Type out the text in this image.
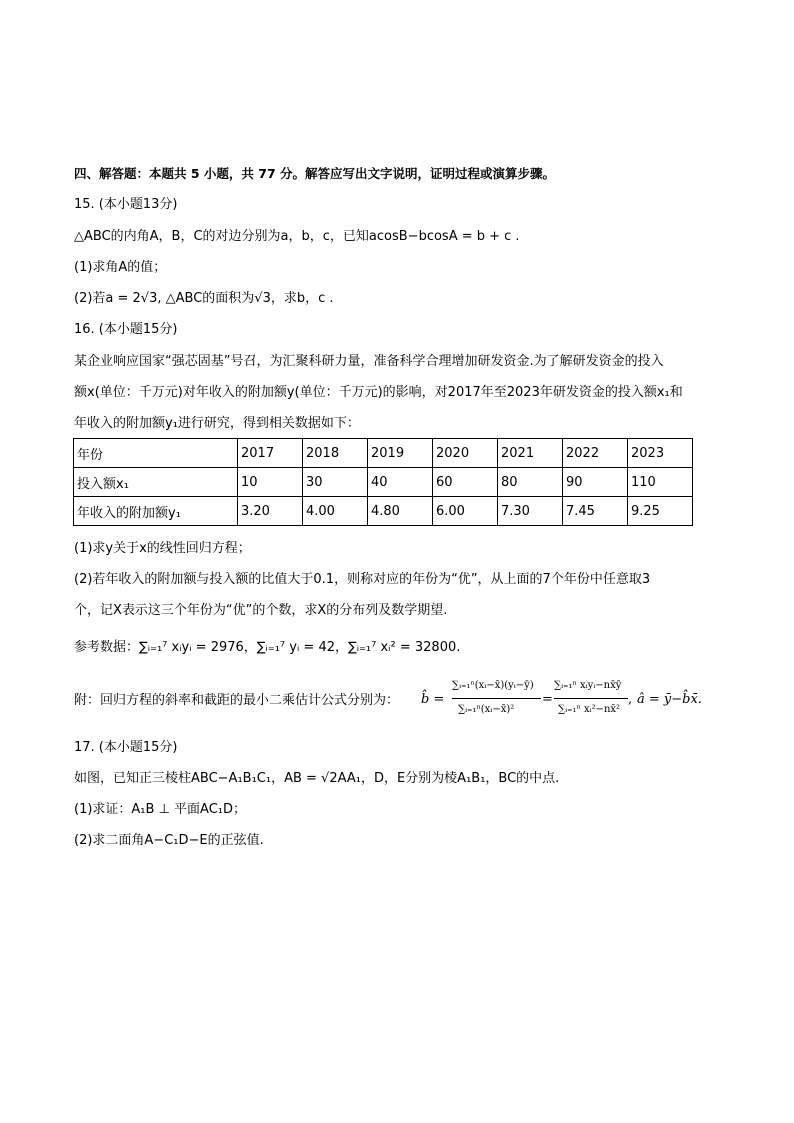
四、解答题：本题共 5 小题，共 77 分。解答应写出文字说明，证明过程或演算步骤。
15. (本小题13分)
△ABC的内角A，B，C的对边分别为a，b，c，已知acosB−bcosA = b + c .
(1)求角A的值；
(2)若a = 2√3, △ABC的面积为√3，求b，c .
16. (本小题15分)
某企业响应国家“强芯固基”号召，为汇聚科研力量，准备科学合理增加研发资金.为了解研发资金的投入
额x(单位：千万元)对年收入的附加额y(单位：千万元)的影响，对2017年至2023年研发资金的投入额x₁和
年收入的附加额y₁进行研究，得到相关数据如下：
年份	2017	2018	2019	2020	2021	2022	2023
投入额x₁	10	30	40	60	80	90	110
年收入的附加额y₁	3.20	4.00	4.80	6.00	7.30	7.45	9.25
(1)求y关于x的线性回归方程；
(2)若年收入的附加额与投入额的比值大于0.1，则称对应的年份为“优”，从上面的7个年份中任意取3
个，记X表示这三个年份为“优”的个数，求X的分布列及数学期望.
参考数据：∑ᵢ₌₁⁷ xᵢyᵢ = 2976，∑ᵢ₌₁⁷ yᵢ = 42，∑ᵢ₌₁⁷ xᵢ² = 32800.
附：回归方程的斜率和截距的最小二乘估计公式分别为： b̂ =
∑ᵢ₌₁ⁿ(xᵢ−x̄)(yᵢ−ȳ)
∑ᵢ₌₁ⁿ(xᵢ−x̄)²
=
∑ᵢ₌₁ⁿ xᵢyᵢ−nx̄ȳ
∑ᵢ₌₁ⁿ xᵢ²−nx̄²
, â = ȳ−b̂x̄.
17. (本小题15分)
如图，已知正三棱柱ABC−A₁B₁C₁，AB = √2AA₁，D，E分别为棱A₁B₁，BC的中点.
(1)求证：A₁B ⊥ 平面AC₁D；
(2)求二面角A−C₁D−E的正弦值.
